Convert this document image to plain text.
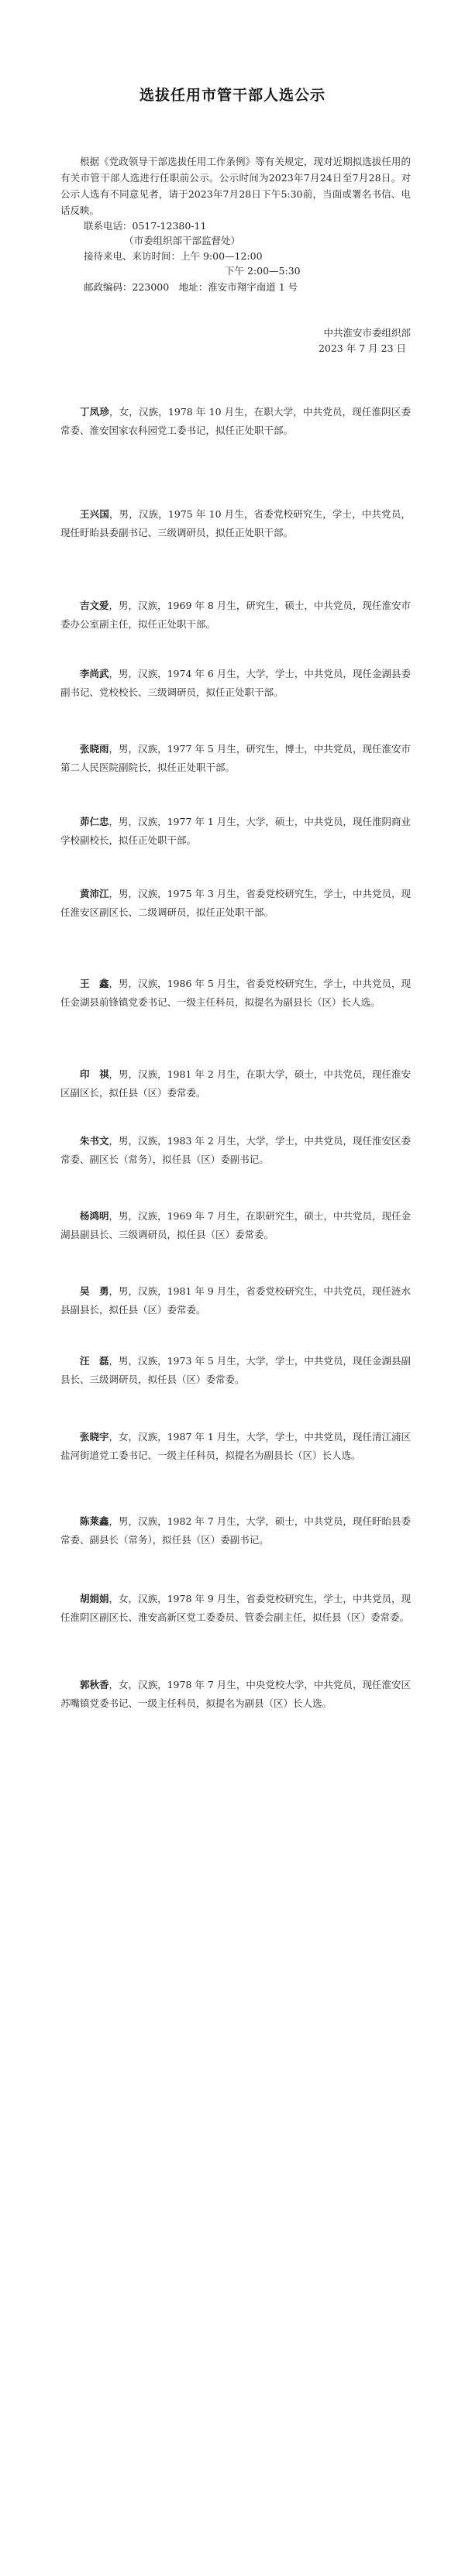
选拔任用市管干部人选公示
根据《党政领导干部选拔任用工作条例》等有关规定，现对近期拟选拔任用的有关市管干部人选进行任职前公示。公示时间为2023年7月24日至7月28日。对公示人选有不同意见者，请于2023年7月28日下午5:30前，当面或署名书信、电话反映。
联系电话：0517-12380-11
（市委组织部干部监督处）
接待来电、来访时间：上午 9:00—12:00
下午 2:00—5:30
邮政编码：223000　地址：淮安市翔宇南道 1 号
中共淮安市委组织部
2023 年 7 月 23 日
丁凤珍，女，汉族，1978 年 10 月生，在职大学，中共党员，现任淮阴区委常委、淮安国家农科园党工委书记，拟任正处职干部。
王兴国，男，汉族，1975 年 10 月生，省委党校研究生，学士，中共党员，现任盱眙县委副书记、三级调研员，拟任正处职干部。
吉文爱，男，汉族，1969 年 8 月生，研究生，硕士，中共党员，现任淮安市委办公室副主任，拟任正处职干部。
李尚武，男，汉族，1974 年 6 月生，大学，学士，中共党员，现任金湖县委副书记、党校校长、三级调研员，拟任正处职干部。
张晓雨，男，汉族，1977 年 5 月生，研究生，博士，中共党员，现任淮安市第二人民医院副院长，拟任正处职干部。
茆仁忠，男，汉族，1977 年 1 月生，大学，硕士，中共党员，现任淮阴商业学校副校长，拟任正处职干部。
黄沛江，男，汉族，1975 年 3 月生，省委党校研究生，学士，中共党员，现任淮安区副区长、二级调研员，拟任正处职干部。
王　鑫，男，汉族，1986 年 5 月生，省委党校研究生，学士，中共党员，现任金湖县前锋镇党委书记、一级主任科员，拟提名为副县长（区）长人选。
印　祺，男，汉族，1981 年 2 月生，在职大学，硕士，中共党员，现任淮安区副区长，拟任县（区）委常委。
朱书文，男，汉族，1983 年 2 月生，大学，学士，中共党员，现任淮安区委常委、副区长（常务），拟任县（区）委副书记。
杨鸿明，男，汉族，1969 年 7 月生，在职研究生，硕士，中共党员，现任金湖县副县长、三级调研员，拟任县（区）委常委。
吴　勇，男，汉族，1981 年 9 月生，省委党校研究生，中共党员，现任涟水县副县长，拟任县（区）委常委。
汪　磊，男，汉族，1973 年 5 月生，大学，学士，中共党员，现任金湖县副县长、三级调研员，拟任县（区）委常委。
张晓宇，女，汉族，1987 年 1 月生，大学，学士，中共党员，现任清江浦区盐河街道党工委书记、一级主任科员，拟提名为副县长（区）长人选。
陈莱鑫，男，汉族，1982 年 7 月生，大学，硕士，中共党员，现任盱眙县委常委、副县长（常务），拟任县（区）委副书记。
胡娟娟，女，汉族，1978 年 9 月生，省委党校研究生，学士，中共党员，现任淮阴区副区长、淮安高新区党工委委员、管委会副主任，拟任县（区）委常委。
郭秋香，女，汉族，1978 年 7 月生，中央党校大学，中共党员，现任淮安区苏嘴镇党委书记、一级主任科员，拟提名为副县（区）长人选。
